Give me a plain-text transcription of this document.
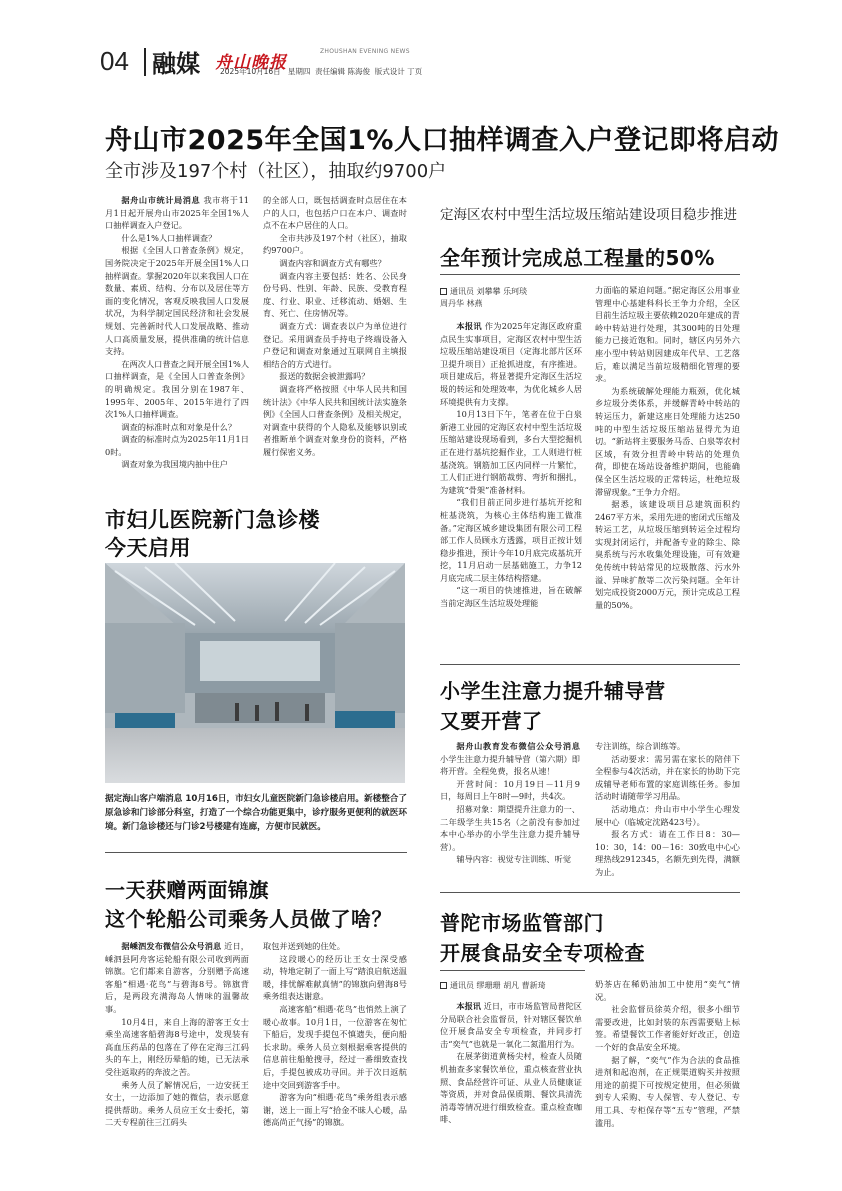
04 融媒 舟山晚报
ZHOUSHAN EVENING NEWS
2025年10月16日   星期四  责任编辑 陈海俊  版式设计 丁页
舟山市2025年全国1%人口抽样调查入户登记即将启动
全市涉及197个村（社区），抽取约9700户

据舟山市统计局消息 我市将于11月1日起开展舟山市2025年全国1%人口抽样调查入户登记。

什么是1%人口抽样调查？

根据《全国人口普查条例》规定，国务院决定于2025年开展全国1%人口抽样调查。掌握2020年以来我国人口在数量、素质、结构、分布以及居住等方面的变化情况，客观反映我国人口发展状况，为科学制定国民经济和社会发展规划、完善新时代人口发展战略、推动人口高质量发展，提供准确的统计信息支持。

在两次人口普查之间开展全国1%人口抽样调查，是《全国人口普查条例》的明确规定。我国分别在1987年、1995年、2005年、2015年进行了四次1%人口抽样调查。

调查的标准时点和对象是什么？

调查的标准时点为2025年11月1日0时。

调查对象为我国境内抽中住户

的全部人口，既包括调查时点居住在本户的人口，也包括户口在本户、调查时点不在本户居住的人口。

全市共涉及197个村（社区），抽取约9700户。

调查内容和调查方式有哪些？

调查内容主要包括：姓名、公民身份号码、性别、年龄、民族、受教育程度、行业、职业、迁移流动、婚姻、生育、死亡、住房情况等。

调查方式：调查表以户为单位进行登记。采用调查员手持电子终端设备入户登记和调查对象通过互联网自主填报相结合的方式进行。

报送的数据会被泄露吗？

调查将严格按照《中华人民共和国统计法》《中华人民共和国统计法实施条例》《全国人口普查条例》及相关规定，对调查中获得的个人隐私及能够识别或者推断单个调查对象身份的资料，严格履行保密义务。

定海区农村中型生活垃圾压缩站建设项目稳步推进
全年预计完成总工程量的50%
通讯员 刘攀攀 乐珂琰
周丹华 林燕

本报讯 作为2025年定海区政府重点民生实事项目，定海区农村中型生活垃圾压缩站建设项目（定海北部片区环卫提升项目）正抢抓进度，有序推进。项目建成后，将显著提升定海区生活垃圾的转运和处理效率，为优化城乡人居环境提供有力支撑。

10月13日下午，笔者在位于白泉新港工业园的定海区农村中型生活垃圾压缩站建设现场看到，多台大型挖掘机正在进行基坑挖掘作业，工人则进行桩基浇筑。钢筋加工区内同样一片繁忙，工人们正进行钢筋裁剪、弯折和捆扎，为建筑“骨架”准备材料。

“我们目前正同步进行基坑开挖和桩基浇筑，为核心主体结构施工做准备。”定海区城乡建设集团有限公司工程部工作人员顾永方透露，项目正按计划稳步推进，预计今年10月底完成基坑开挖，11月启动一层基础施工，力争12月底完成二层主体结构搭建。

“这一项目的快速推进，旨在破解当前定海区生活垃圾处理能

力面临的紧迫问题。”据定海区公用事业管理中心基建科科长王争力介绍，全区目前生活垃圾主要依赖2020年建成的青岭中转站进行处理，其300吨的日处理能力已接近饱和。同时，辖区内另外六座小型中转站则因建成年代早、工艺落后，难以满足当前垃圾精细化管理的要求。

为系统破解处理能力瓶颈，优化城乡垃圾分类体系，并缓解青岭中转站的转运压力，新建这座日处理能力达250吨的中型生活垃圾压缩站显得尤为迫切。“新站将主要服务马岙、白泉等农村区域，有效分担青岭中转站的处理负荷，即使在场站设备维护期间，也能确保全区生活垃圾的正常转运，杜绝垃圾滞留现象。”王争力介绍。

据悉，该建设项目总建筑面积约2467平方米，采用先进的密闭式压缩及转运工艺，从垃圾压缩到转运全过程均实现封闭运行，并配备专业的除尘、除臭系统与污水收集处理设施，可有效避免传统中转站常见的垃圾散落、污水外溢、异味扩散等二次污染问题。全年计划完成投资2000万元，预计完成总工程量的50%。

市妇儿医院新门急诊楼
今天启用
据定海山客户端消息 10月16日，市妇女儿童医院新门急诊楼启用。新楼整合了原急诊和门诊部分科室，打造了一个综合功能更集中，诊疗服务更便利的就医环境。新门急诊楼还与门诊2号楼建有连廊，方便市民就医。
小学生注意力提升辅导营
又要开营了

据舟山教育发布微信公众号消息 小学生注意力提升辅导营（第六期）即将开营。全程免费，报名从速！

开营时间：10月19日－11月9日，每周日上午8时—9时，共4次。

招募对象：期望提升注意力的一、二年级学生共15名（之前没有参加过本中心举办的小学生注意力提升辅导营）。

辅导内容：视觉专注训练、听觉

专注训练，综合训练等。

活动要求：需另需在家长的陪伴下全程参与4次活动，并在家长的协助下完成辅导老师布置的家庭训练任务。参加活动时请随带学习用品。

活动地点：舟山市中小学生心理发展中心（临城定沈路423号）。

报名方式：请在工作日8：30—10：30，14：00－16：30致电中心心理热线2912345，名额先到先得，满额为止。

一天获赠两面锦旗
这个轮船公司乘务人员做了啥？

据嵊泗发布微信公众号消息 近日，嵊泗县阿舟客运轮船有限公司收到两面锦旗。它们都来自游客，分别赠予高速客船“相遇·花鸟”与碧海8号。锦旗背后，是两段充满海岛人情味的温馨故事。

10月4日，来自上海的游客王女士乘坐高速客船碧海8号途中，发现装有高血压药品的包落在了停在定海三江码头的车上，刚经历晕船的她，已无法承受往返取药的奔波之苦。

乘务人员了解情况后，一边安抚王女士，一边添加了她的微信，表示愿意提供帮助。乘务人员应王女士委托，第二天专程前往三江码头

取包并送到她的住处。

这段暖心的经历让王女士深受感动，特地定制了一面上写“踏浪启航送温暖，排忧解难献真情”的锦旗向碧海8号乘务组表达谢意。

高速客船“相遇·花鸟”也悄然上演了暖心故事。10月1日，一位游客在匆忙下船后，发现手提包不慎遗失，便向船长求助。乘务人员立刻根据乘客提供的信息前往船舱搜寻，经过一番细致查找后，手提包被成功寻回。并于次日返航途中交回到游客手中。

游客为向“相遇·花鸟”乘务组表示感谢，送上一面上写“拾金不昧人心暖，品德高尚正气扬”的锦旗。

普陀市场监管部门
开展食品安全专项检查
通讯员 缪珊珊 胡凡 曹新琦

本报讯 近日，市市场监管局普陀区分局联合社会监督员，针对辖区餐饮单位开展食品安全专项检查，并同步打击“奕气”也就是一氧化二氮滥用行为。

在展茅街道黄杨尖村，检查人员随机抽查多家餐饮单位，重点核查营业执照、食品经营许可证、从业人员健康证等资质，并对食品保质期、餐饮具清洗消毒等情况进行细致检查。重点检查咖啡、

奶茶店在稀奶油加工中使用“奕气”情况。

社会监督员徐英介绍，很多小细节需要改进，比如封装的东西需要贴上标签。希望餐饮工作者能好好改正，创造一个好的食品安全环境。

据了解，“奕气”作为合法的食品推进剂和起泡剂，在正规渠道购买并按照用途的前提下可按规定使用，但必须做到专人采购、专人保管、专人登记、专用工具、专柜保存等“五专”管理，严禁滥用。
